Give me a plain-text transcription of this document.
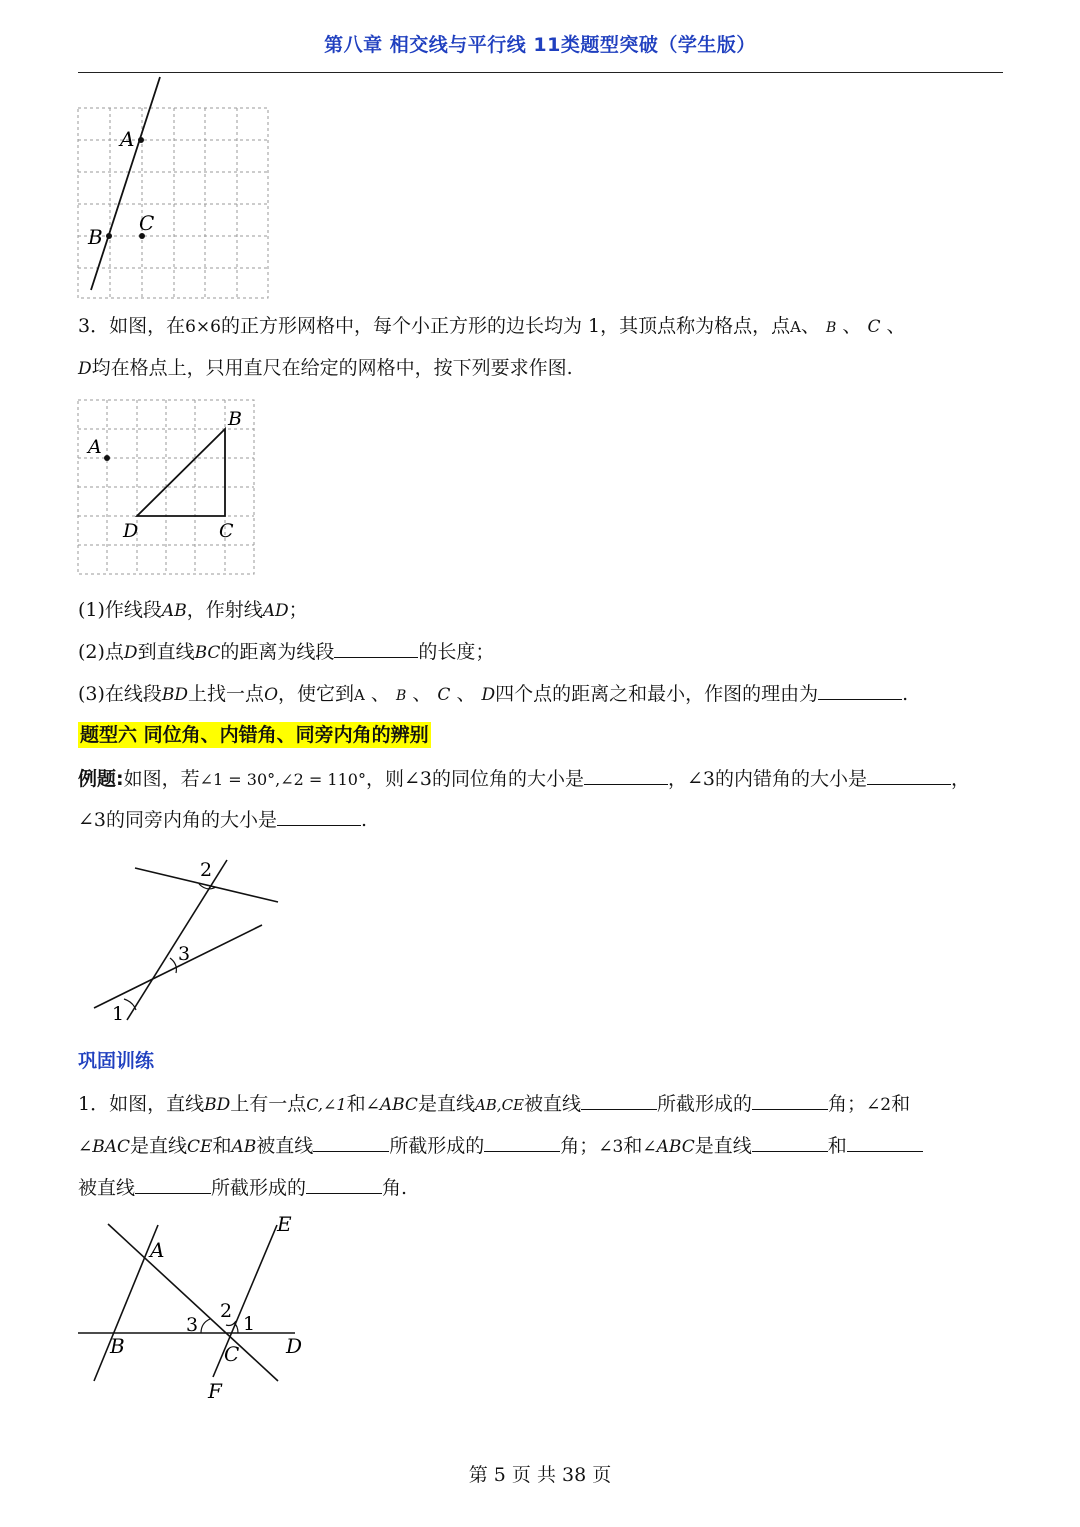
第八章 相交线与平行线 11类题型突破（学生版）
A
B
C
3．如图，在6×6的正方形网格中，每个小正方形的边长均为 1，其顶点称为格点，点A、 B 、 C 、
D均在格点上，只用直尺在给定的网格中，按下列要求作图.
A
B
D	C
(1)作线段AB，作射线AD；
(2)点D到直线BC的距离为线段	的长度；
(3)在线段BD上找一点O，使它到A 、 B 、 C 、 D四个点的距离之和最小，作图的理由为	.
题型六 同位角、内错角、同旁内角的辨别
例题:如图，若∠1 = 30°,∠2 = 110°，则∠3的同位角的大小是	，∠3的内错角的大小是	，
∠3的同旁内角的大小是	.
2
3
1
巩固训练
1．如图，直线BD上有一点C,∠1和∠ABC是直线AB,CE被直线	所截形成的	角；∠2和
∠BAC是直线CE和AB被直线	所截形成的	角；∠3和∠ABC是直线	和
被直线	所截形成的	角.
E
A
2
3 1
B	C D
F
第 5 页 共 38 页
